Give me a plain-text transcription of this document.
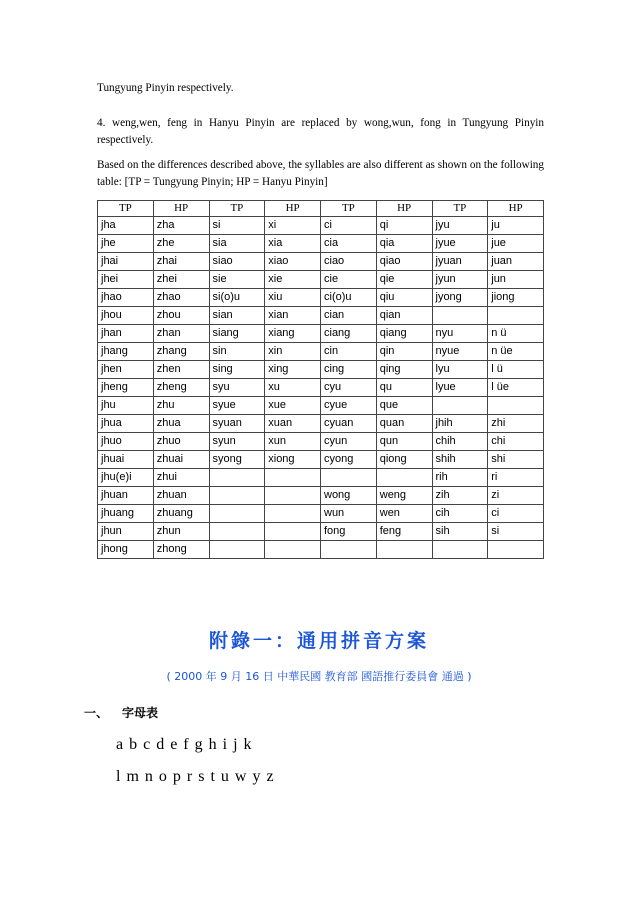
Tungyung Pinyin respectively.
4. weng,wen, feng in Hanyu Pinyin are replaced by wong,wun, fong in Tungyung Pinyin respectively.
Based on the differences described above, the syllables are also different as shown on the following table: [TP = Tungyung Pinyin; HP = Hanyu Pinyin]
TP	HP	TP	HP	TP	HP	TP	HP
jha	zha	si	xi	ci	qi	jyu	ju
jhe	zhe	sia	xia	cia	qia	jyue	jue
jhai	zhai	siao	xiao	ciao	qiao	jyuan	juan
jhei	zhei	sie	xie	cie	qie	jyun	jun
jhao	zhao	si(o)u	xiu	ci(o)u	qiu	jyong	jiong
jhou	zhou	sian	xian	cian	qian		
jhan	zhan	siang	xiang	ciang	qiang	nyu	n ü
jhang	zhang	sin	xin	cin	qin	nyue	n üe
jhen	zhen	sing	xing	cing	qing	lyu	l ü
jheng	zheng	syu	xu	cyu	qu	lyue	l üe
jhu	zhu	syue	xue	cyue	que		
jhua	zhua	syuan	xuan	cyuan	quan	jhih	zhi
jhuo	zhuo	syun	xun	cyun	qun	chih	chi
jhuai	zhuai	syong	xiong	cyong	qiong	shih	shi
jhu(e)i	zhui					rih	ri
jhuan	zhuan			wong	weng	zih	zi
jhuang	zhuang			wun	wen	cih	ci
jhun	zhun			fong	feng	sih	si
jhong	zhong						
附錄一：通用拼音方案
( 2000 年 9 月 16 日 中華民國 教育部 國語推行委員會 通過 )
一、 字母表
a b c d e f g h i j k
l m n o p r s t u w y z
